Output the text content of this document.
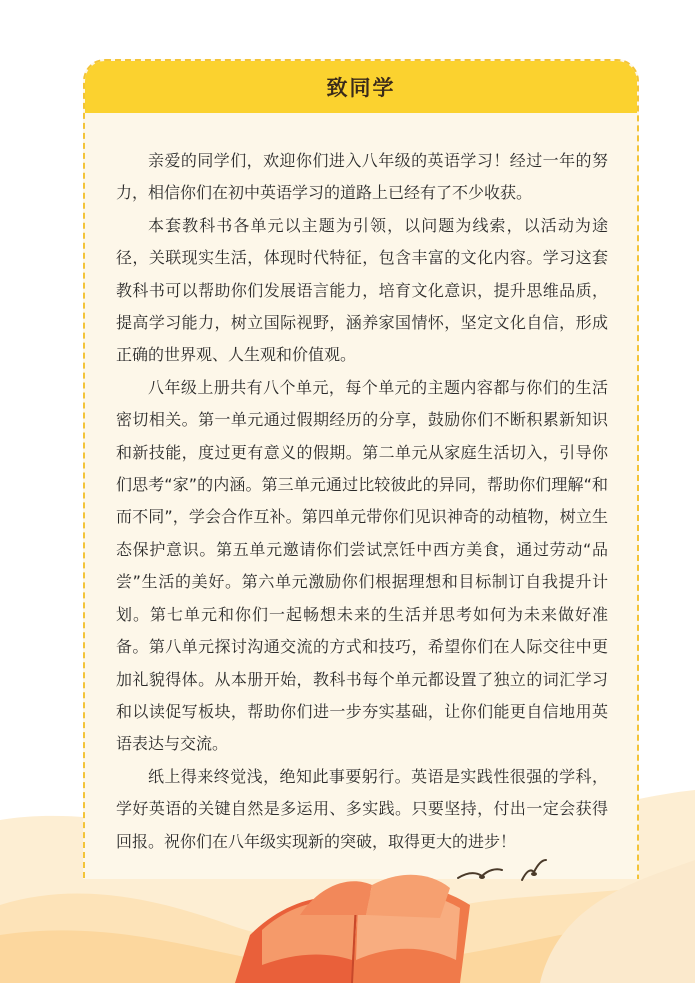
致同学

亲爱的同学们，欢迎你们进入八年级的英语学习！经过一年的努力，相信你们在初中英语学习的道路上已经有了不少收获。

本套教科书各单元以主题为引领，以问题为线索，以活动为途径，关联现实生活，体现时代特征，包含丰富的文化内容。学习这套教科书可以帮助你们发展语言能力，培育文化意识，提升思维品质，提高学习能力，树立国际视野，涵养家国情怀，坚定文化自信，形成正确的世界观、人生观和价值观。

八年级上册共有八个单元，每个单元的主题内容都与你们的生活密切相关。第一单元通过假期经历的分享，鼓励你们不断积累新知识和新技能，度过更有意义的假期。第二单元从家庭生活切入，引导你们思考“家”的内涵。第三单元通过比较彼此的异同，帮助你们理解“和而不同”，学会合作互补。第四单元带你们见识神奇的动植物，树立生态保护意识。第五单元邀请你们尝试烹饪中西方美食，通过劳动“品尝”生活的美好。第六单元激励你们根据理想和目标制订自我提升计划。第七单元和你们一起畅想未来的生活并思考如何为未来做好准备。第八单元探讨沟通交流的方式和技巧，希望你们在人际交往中更加礼貌得体。从本册开始，教科书每个单元都设置了独立的词汇学习和以读促写板块，帮助你们进一步夯实基础，让你们能更自信地用英语表达与交流。

纸上得来终觉浅，绝知此事要躬行。英语是实践性很强的学科，学好英语的关键自然是多运用、多实践。只要坚持，付出一定会获得回报。祝你们在八年级实现新的突破，取得更大的进步！
